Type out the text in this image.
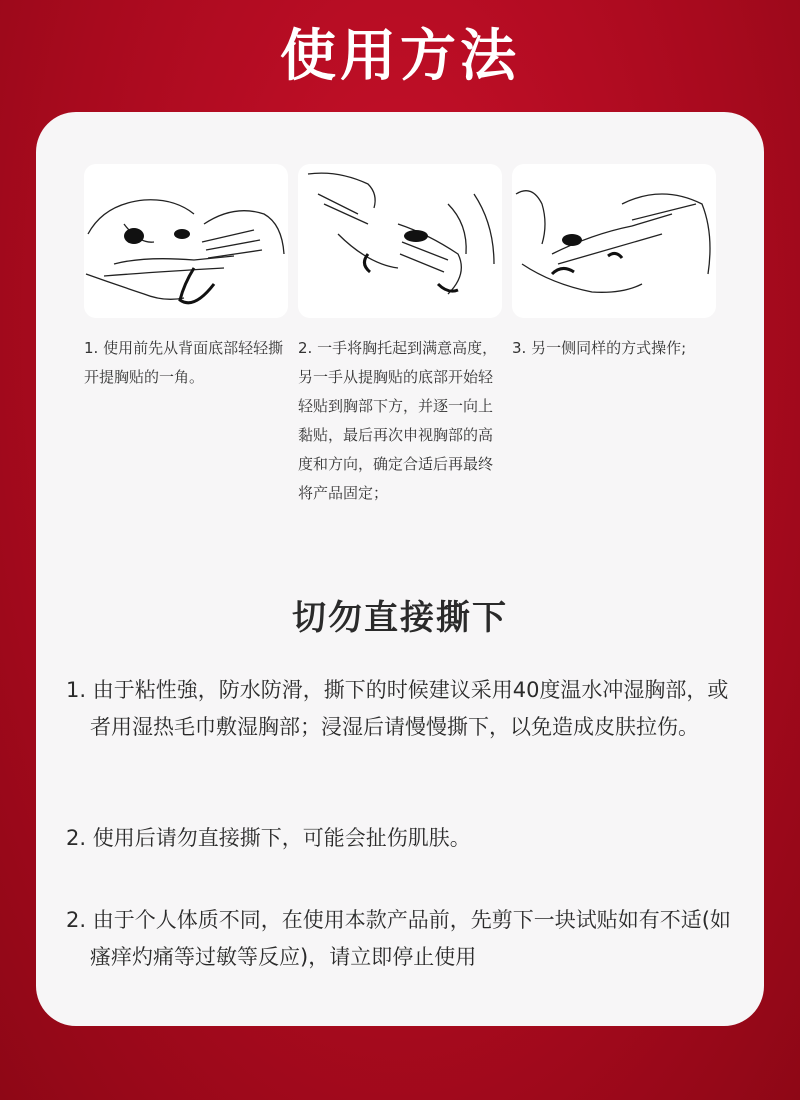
使用方法
1. 使用前先从背面底部轻轻撕开提胸贴的一角。
2. 一手将胸托起到满意高度，另一手从提胸贴的底部开始轻轻贴到胸部下方，并逐一向上黏贴，最后再次申视胸部的高度和方向，确定合适后再最终将产品固定；
3. 另一侧同样的方式操作;
切勿直接撕下
1. 由于粘性強，防水防滑，撕下的时候建议采用40度温水冲湿胸部，或者用湿热毛巾敷湿胸部；浸湿后请慢慢撕下，以免造成皮肤拉伤。
2. 使用后请勿直接撕下，可能会扯伤肌肤。
2. 由于个人体质不同，在使用本款产品前，先剪下一块试贴如有不适(如瘙痒灼痛等过敏等反应)，请立即停止使用
